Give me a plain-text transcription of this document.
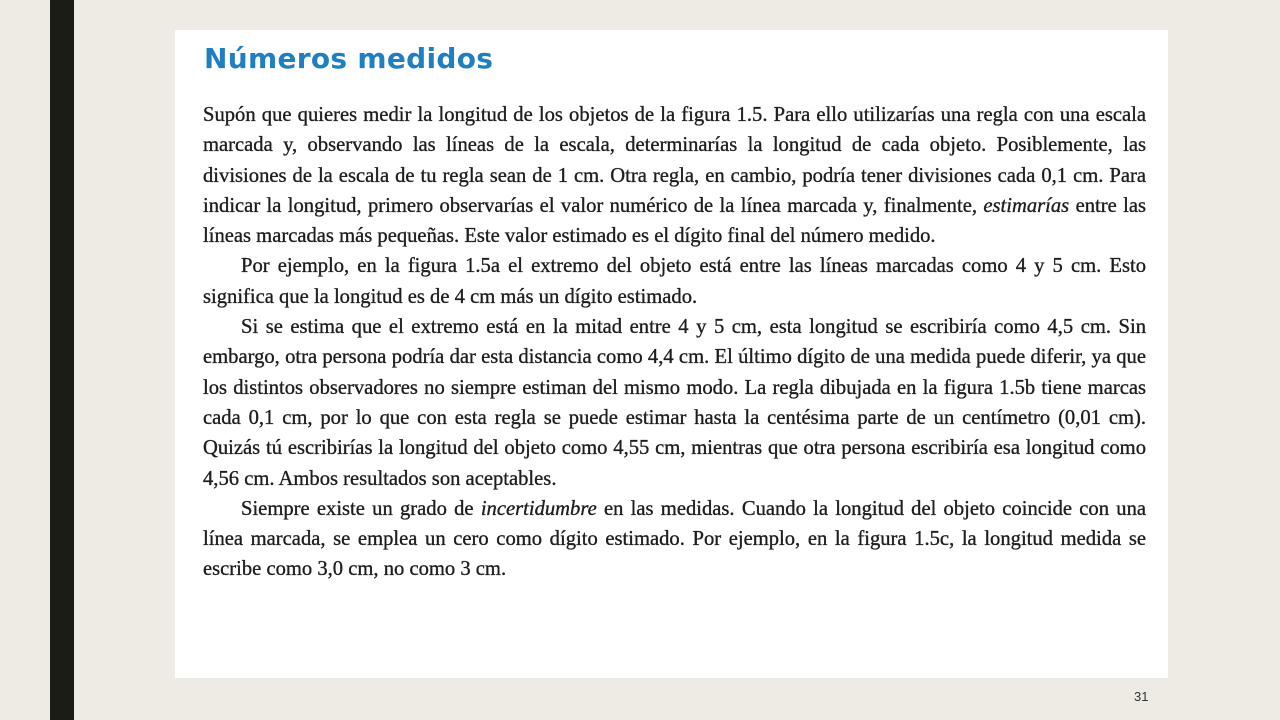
Números medidos

Supón que quieres medir la longitud de los objetos de la figura 1.5. Para ello utilizarías una regla con una escala marcada y, observando las líneas de la escala, determinarías la longitud de cada objeto. Posiblemente, las divisiones de la escala de tu regla sean de 1 cm. Otra regla, en cambio, podría tener divisiones cada 0,1 cm. Para indicar la longitud, primero observarías el valor numérico de la línea marcada y, finalmente, estimarías entre las líneas marcadas más pequeñas. Este valor estimado es el dígito final del número medido.

Por ejemplo, en la figura 1.5a el extremo del objeto está entre las líneas marcadas como 4 y 5 cm. Esto significa que la longitud es de 4 cm más un dígito estimado.

Si se estima que el extremo está en la mitad entre 4 y 5 cm, esta longitud se escribiría como 4,5 cm. Sin embargo, otra persona podría dar esta distancia como 4,4 cm. El último dígito de una medida puede diferir, ya que los distintos observadores no siempre estiman del mismo modo. La regla dibujada en la figura 1.5b tiene marcas cada 0,1 cm, por lo que con esta regla se puede estimar hasta la centésima parte de un centímetro (0,01 cm). Quizás tú escribirías la longitud del objeto como 4,55 cm, mientras que otra persona escribiría esa longitud como 4,56 cm. Ambos resultados son aceptables.

Siempre existe un grado de incertidumbre en las medidas. Cuando la longitud del objeto coincide con una línea marcada, se emplea un cero como dígito estimado. Por ejemplo, en la figura 1.5c, la longitud medida se escribe como 3,0 cm, no como 3 cm.

31
